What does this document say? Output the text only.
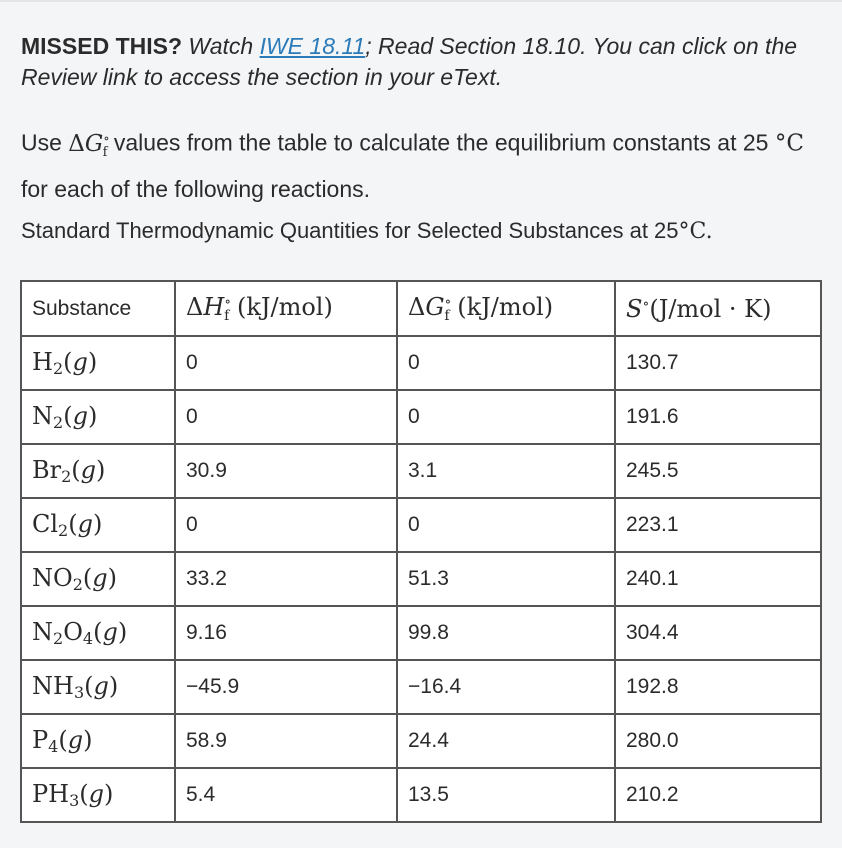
MISSED THIS? Watch IWE 18.11; Read Section 18.10. You can click on the Review link to access the section in your eText.
Use $\Delta G^\circ_f$ values from the table to calculate the equilibrium constants at 25 °C for each of the following reactions.
Standard Thermodynamic Quantities for Selected Substances at 25°C.
Substance	$\Delta H^\circ_f$ (kJ/mol)	$\Delta G^\circ_f$ (kJ/mol)	S∘(J/mol · K)
$H_2(g)$	0	0	130.7
$N_2(g)$	0	0	191.6
$Br_2(g)$	30.9	3.1	245.5
$Cl_2(g)$	0	0	223.1
$NO_2(g)$	33.2	51.3	240.1
$N_2O_4(g)$	9.16	99.8	304.4
$NH_3(g)$	−45.9	−16.4	192.8
$P_4(g)$	58.9	24.4	280.0
$PH_3(g)$	5.4	13.5	210.2
